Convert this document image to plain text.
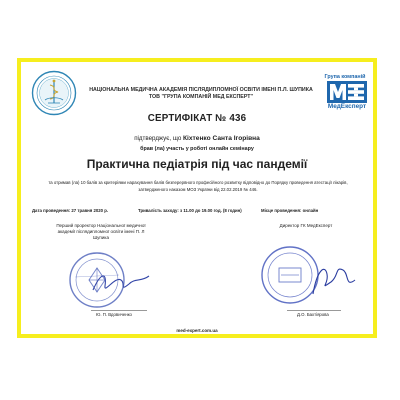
НАЦІОНАЛЬНА МЕДИЧНА АКАДЕМІЯ ПІСЛЯДИПЛОМНОЇ ОСВІТИ ІМЕНІ П.Л. ШУПИКА
ТОВ "ГРУПА КОМПАНІЙ МЕД ЕКСПЕРТ"
Група компаній
МедЕксперт
СЕРТИФІКАТ № 436
підтверджує, що Кіхтенко Санта Ігорівна
брав (ла) участь у роботі онлайн семінару
Практична педіатрія під час пандемії
та отримав (ла) 10 балів за критеріями нарахування балів безперервного професійного розвитку відповідно до Порядку проведення атестації лікарів, затвердженого наказом МОЗ України від 22.02.2019 № 446.
Дата проведення: 27 травня 2020 р.	Тривалість заходу: з 11.00 до 19.00 год. (8 годин)	Місце проведення: онлайн
Перший проректор Національної медичної академії післядипломної освіти імені П. Л Шупика
Ю. П. Вдовиченко
Директор ГК МедЕксперт
Д.О. Бахтіярова
med-expert.com.ua
